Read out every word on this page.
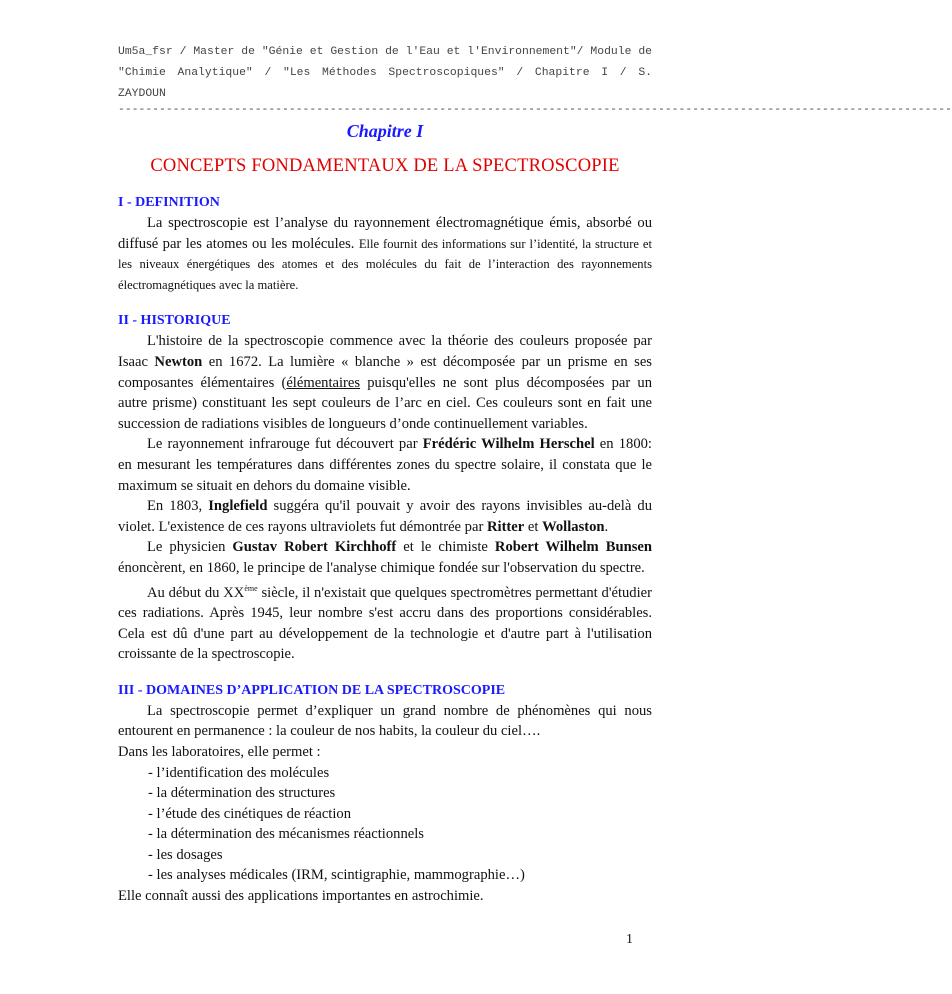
Um5a_fsr / Master de "Génie et Gestion de l'Eau et l'Environnement"/ Module de "Chimie Analytique" / "Les Méthodes Spectroscopiques" / Chapitre I / S. ZAYDOUN
--------------------------------------------------------------------------------------------------------------------------
Chapitre I
CONCEPTS FONDAMENTAUX DE LA SPECTROSCOPIE
I - DEFINITION
La spectroscopie est l’analyse du rayonnement électromagnétique émis, absorbé ou diffusé par les atomes ou les molécules. Elle fournit des informations sur l’identité, la structure et les niveaux énergétiques des atomes et des molécules du fait de l’interaction des rayonnements électromagnétiques avec la matière.
II - HISTORIQUE
L'histoire de la spectroscopie commence avec la théorie des couleurs proposée par Isaac Newton en 1672. La lumière « blanche » est décomposée par un prisme en ses composantes élémentaires (élémentaires puisqu'elles ne sont plus décomposées par un autre prisme) constituant les sept couleurs de l’arc en ciel. Ces couleurs sont en fait une succession de radiations visibles de longueurs d’onde continuellement variables.
Le rayonnement infrarouge fut découvert par Frédéric Wilhelm Herschel en 1800: en mesurant les températures dans différentes zones du spectre solaire, il constata que le maximum se situait en dehors du domaine visible.
En 1803, Inglefield suggéra qu'il pouvait y avoir des rayons invisibles au-delà du violet. L'existence de ces rayons ultraviolets fut démontrée par Ritter et Wollaston.
Le physicien Gustav Robert Kirchhoff et le chimiste Robert Wilhelm Bunsen énoncèrent, en 1860, le principe de l'analyse chimique fondée sur l'observation du spectre.
Au début du XXème siècle, il n'existait que quelques spectromètres permettant d'étudier ces radiations. Après 1945, leur nombre s'est accru dans des proportions considérables. Cela est dû d'une part au développement de la technologie et d'autre part à l'utilisation croissante de la spectroscopie.
III - DOMAINES D’APPLICATION DE LA SPECTROSCOPIE
La spectroscopie permet d’expliquer un grand nombre de phénomènes qui nous entourent en permanence : la couleur de nos habits, la couleur du ciel….
Dans les laboratoires, elle permet :
- l’identification des molécules
- la détermination des structures
- l’étude des cinétiques de réaction
- la détermination des mécanismes réactionnels
- les dosages
- les analyses médicales (IRM, scintigraphie, mammographie…)
Elle connaît aussi des applications importantes en astrochimie.
1
